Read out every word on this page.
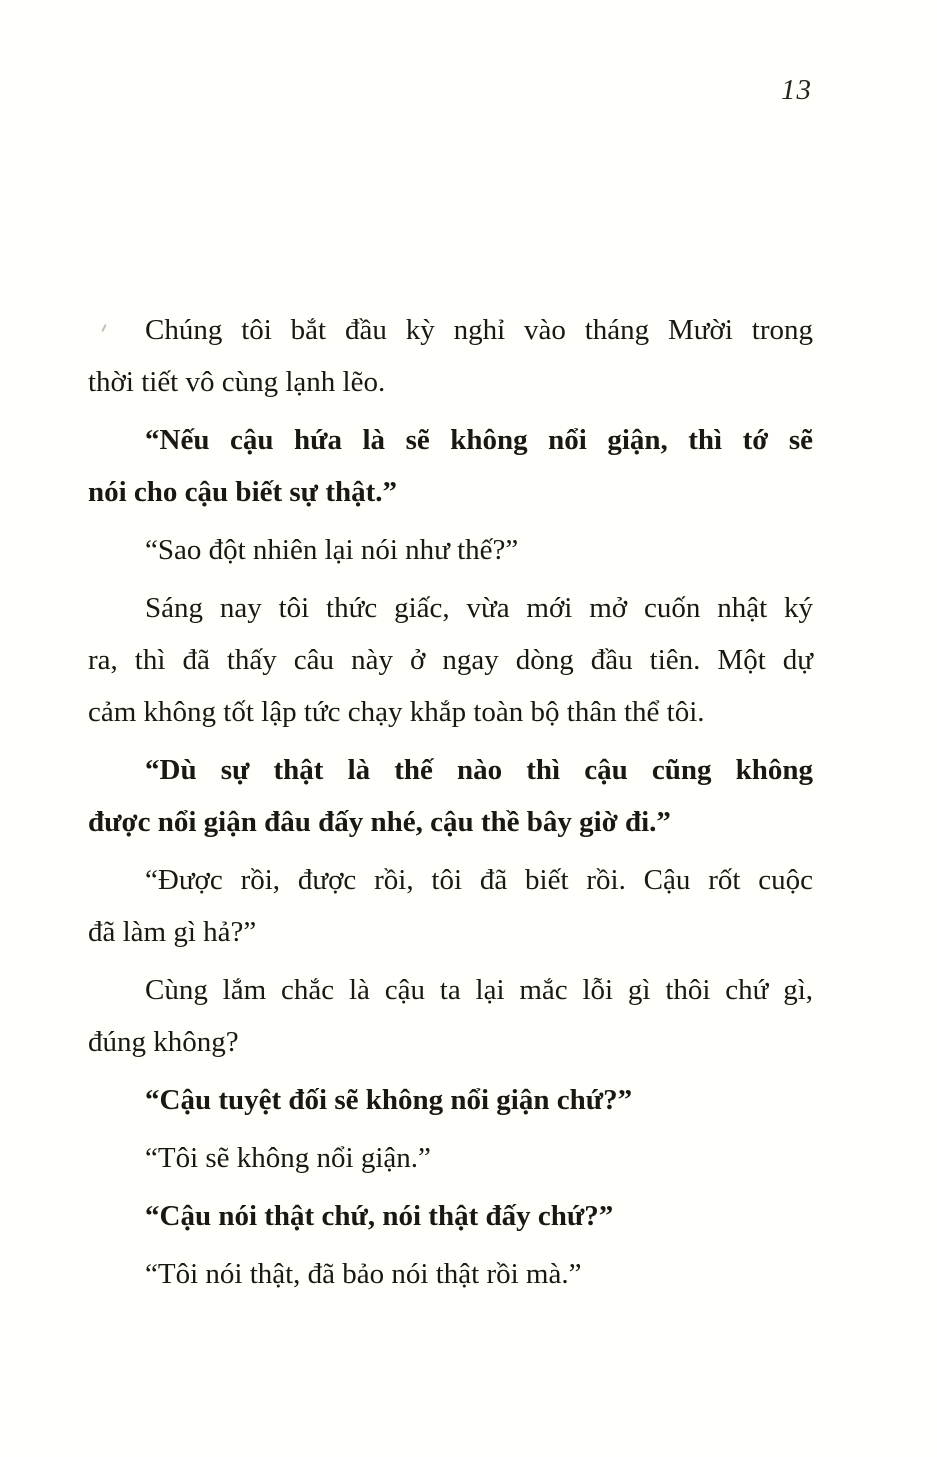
13
Chúng tôi bắt đầu kỳ nghỉ vào tháng Mười trong
thời tiết vô cùng lạnh lẽo.
“Nếu cậu hứa là sẽ không nổi giận, thì tớ sẽ
nói cho cậu biết sự thật.”
“Sao đột nhiên lại nói như thế?”
Sáng nay tôi thức giấc, vừa mới mở cuốn nhật ký
ra, thì đã thấy câu này ở ngay dòng đầu tiên. Một dự
cảm không tốt lập tức chạy khắp toàn bộ thân thể tôi.
“Dù sự thật là thế nào thì cậu cũng không
được nổi giận đâu đấy nhé, cậu thề bây giờ đi.”
“Được rồi, được rồi, tôi đã biết rồi. Cậu rốt cuộc
đã làm gì hả?”
Cùng lắm chắc là cậu ta lại mắc lỗi gì thôi chứ gì,
đúng không?
“Cậu tuyệt đối sẽ không nổi giận chứ?”
“Tôi sẽ không nổi giận.”
“Cậu nói thật chứ, nói thật đấy chứ?”
“Tôi nói thật, đã bảo nói thật rồi mà.”
